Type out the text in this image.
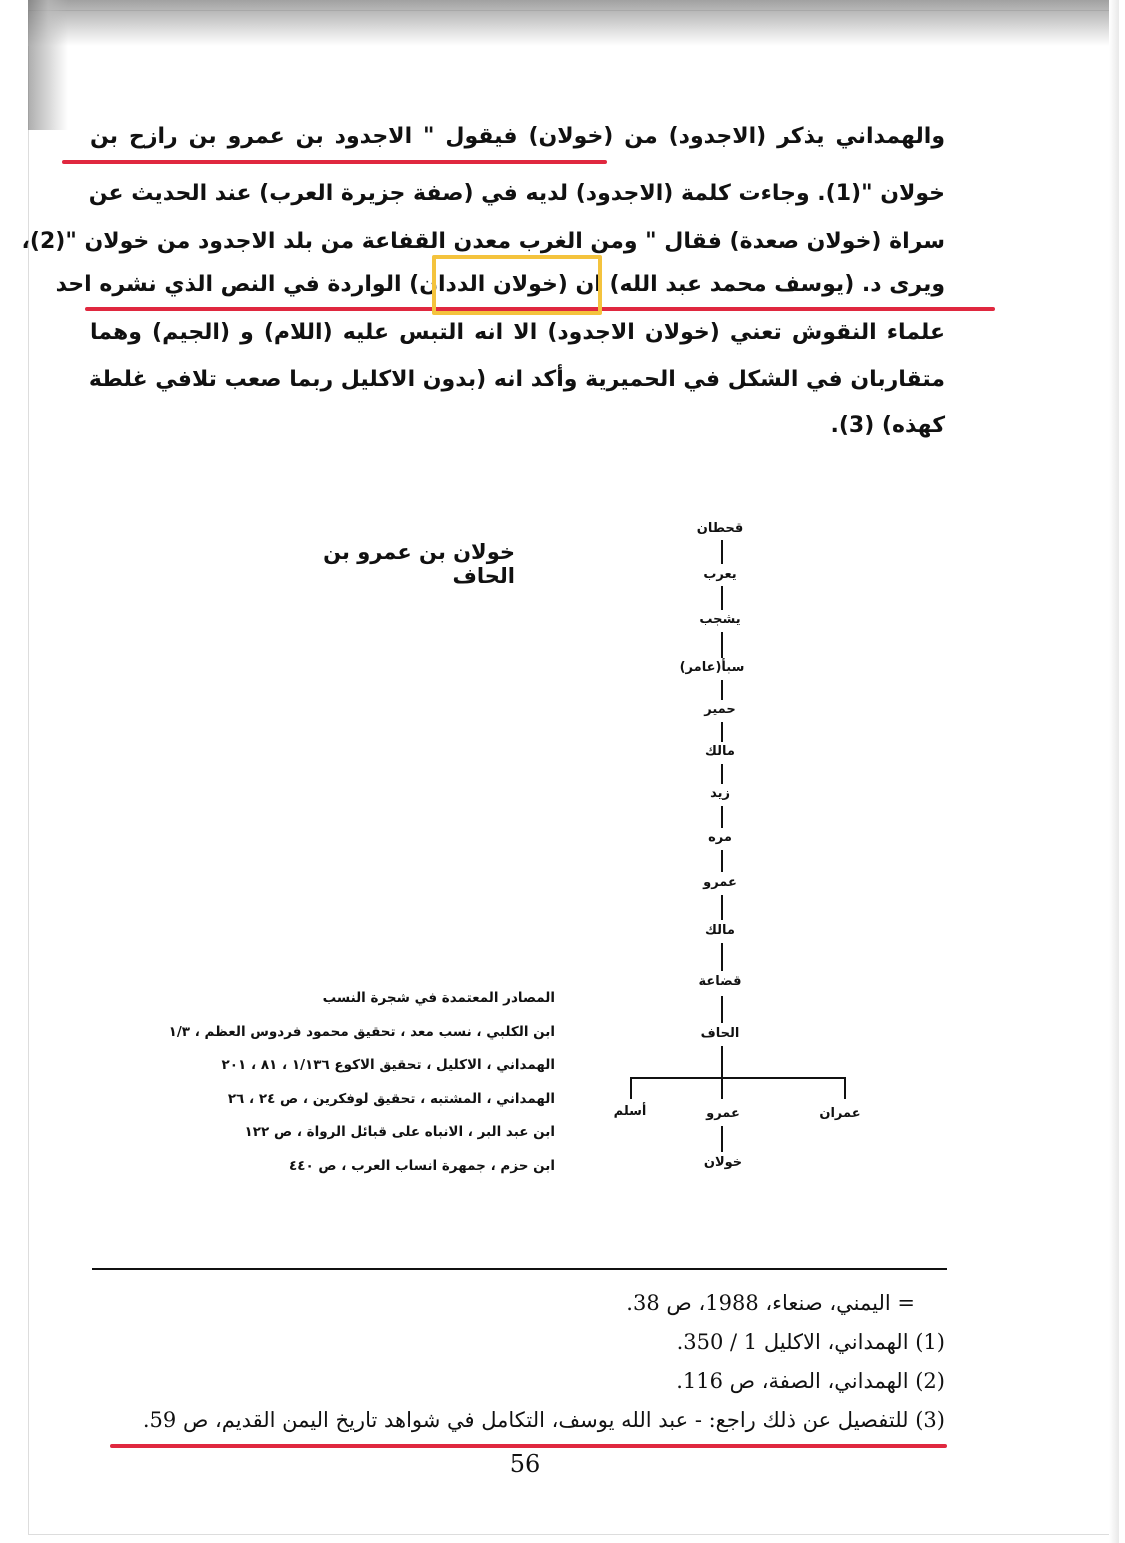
والهمداني يذكر (الاجدود) من (خولان) فيقول " الاجدود بن عمرو بن رازح بن
خولان "(1). وجاءت كلمة (الاجدود) لديه في (صفة جزيرة العرب) عند الحديث عن
سراة (خولان صعدة) فقال " ومن الغرب معدن القفاعة من بلد الاجدود من خولان "(2)،
ويرى د. (يوسف محمد عبد الله) ان (خولان الددان) الواردة في النص الذي نشره احد
علماء النقوش تعني (خولان الاجدود) الا انه التبس عليه (اللام) و (الجيم) وهما
متقاربان في الشكل في الحميرية وأكد انه (بدون الاكليل ربما صعب تلافي غلطة
كهذه) (3).
خولان بن عمرو بن الحاف
قحطان
يعرب
يشجب
سبأ(عامر)
حمير
مالك
زيد
مره
عمرو
مالك
قضاعة
الحاف
عمران
عمرو
أسلم
خولان
المصادر المعتمدة في شجرة النسب
ابن الكلبي ، نسب معد ، تحقيق محمود فردوس العظم ، ١/٣
الهمداني ، الاكليل ، تحقيق الاكوع ١/١٣٦ ، ٨١ ، ٢٠١
الهمداني ، المشتبه ، تحقيق لوفكرين ، ص ٢٤ ، ٢٦
ابن عبد البر ، الانباه على قبائل الرواة ، ص ١٢٢
ابن حزم ، جمهرة انساب العرب ، ص ٤٤٠
= اليمني، صنعاء، 1988، ص 38.
(1) الهمداني، الاكليل 1 / 350.
(2) الهمداني، الصفة، ص 116.
(3) للتفصيل عن ذلك راجع: - عبد الله يوسف، التكامل في شواهد تاريخ اليمن القديم، ص 59.
56
